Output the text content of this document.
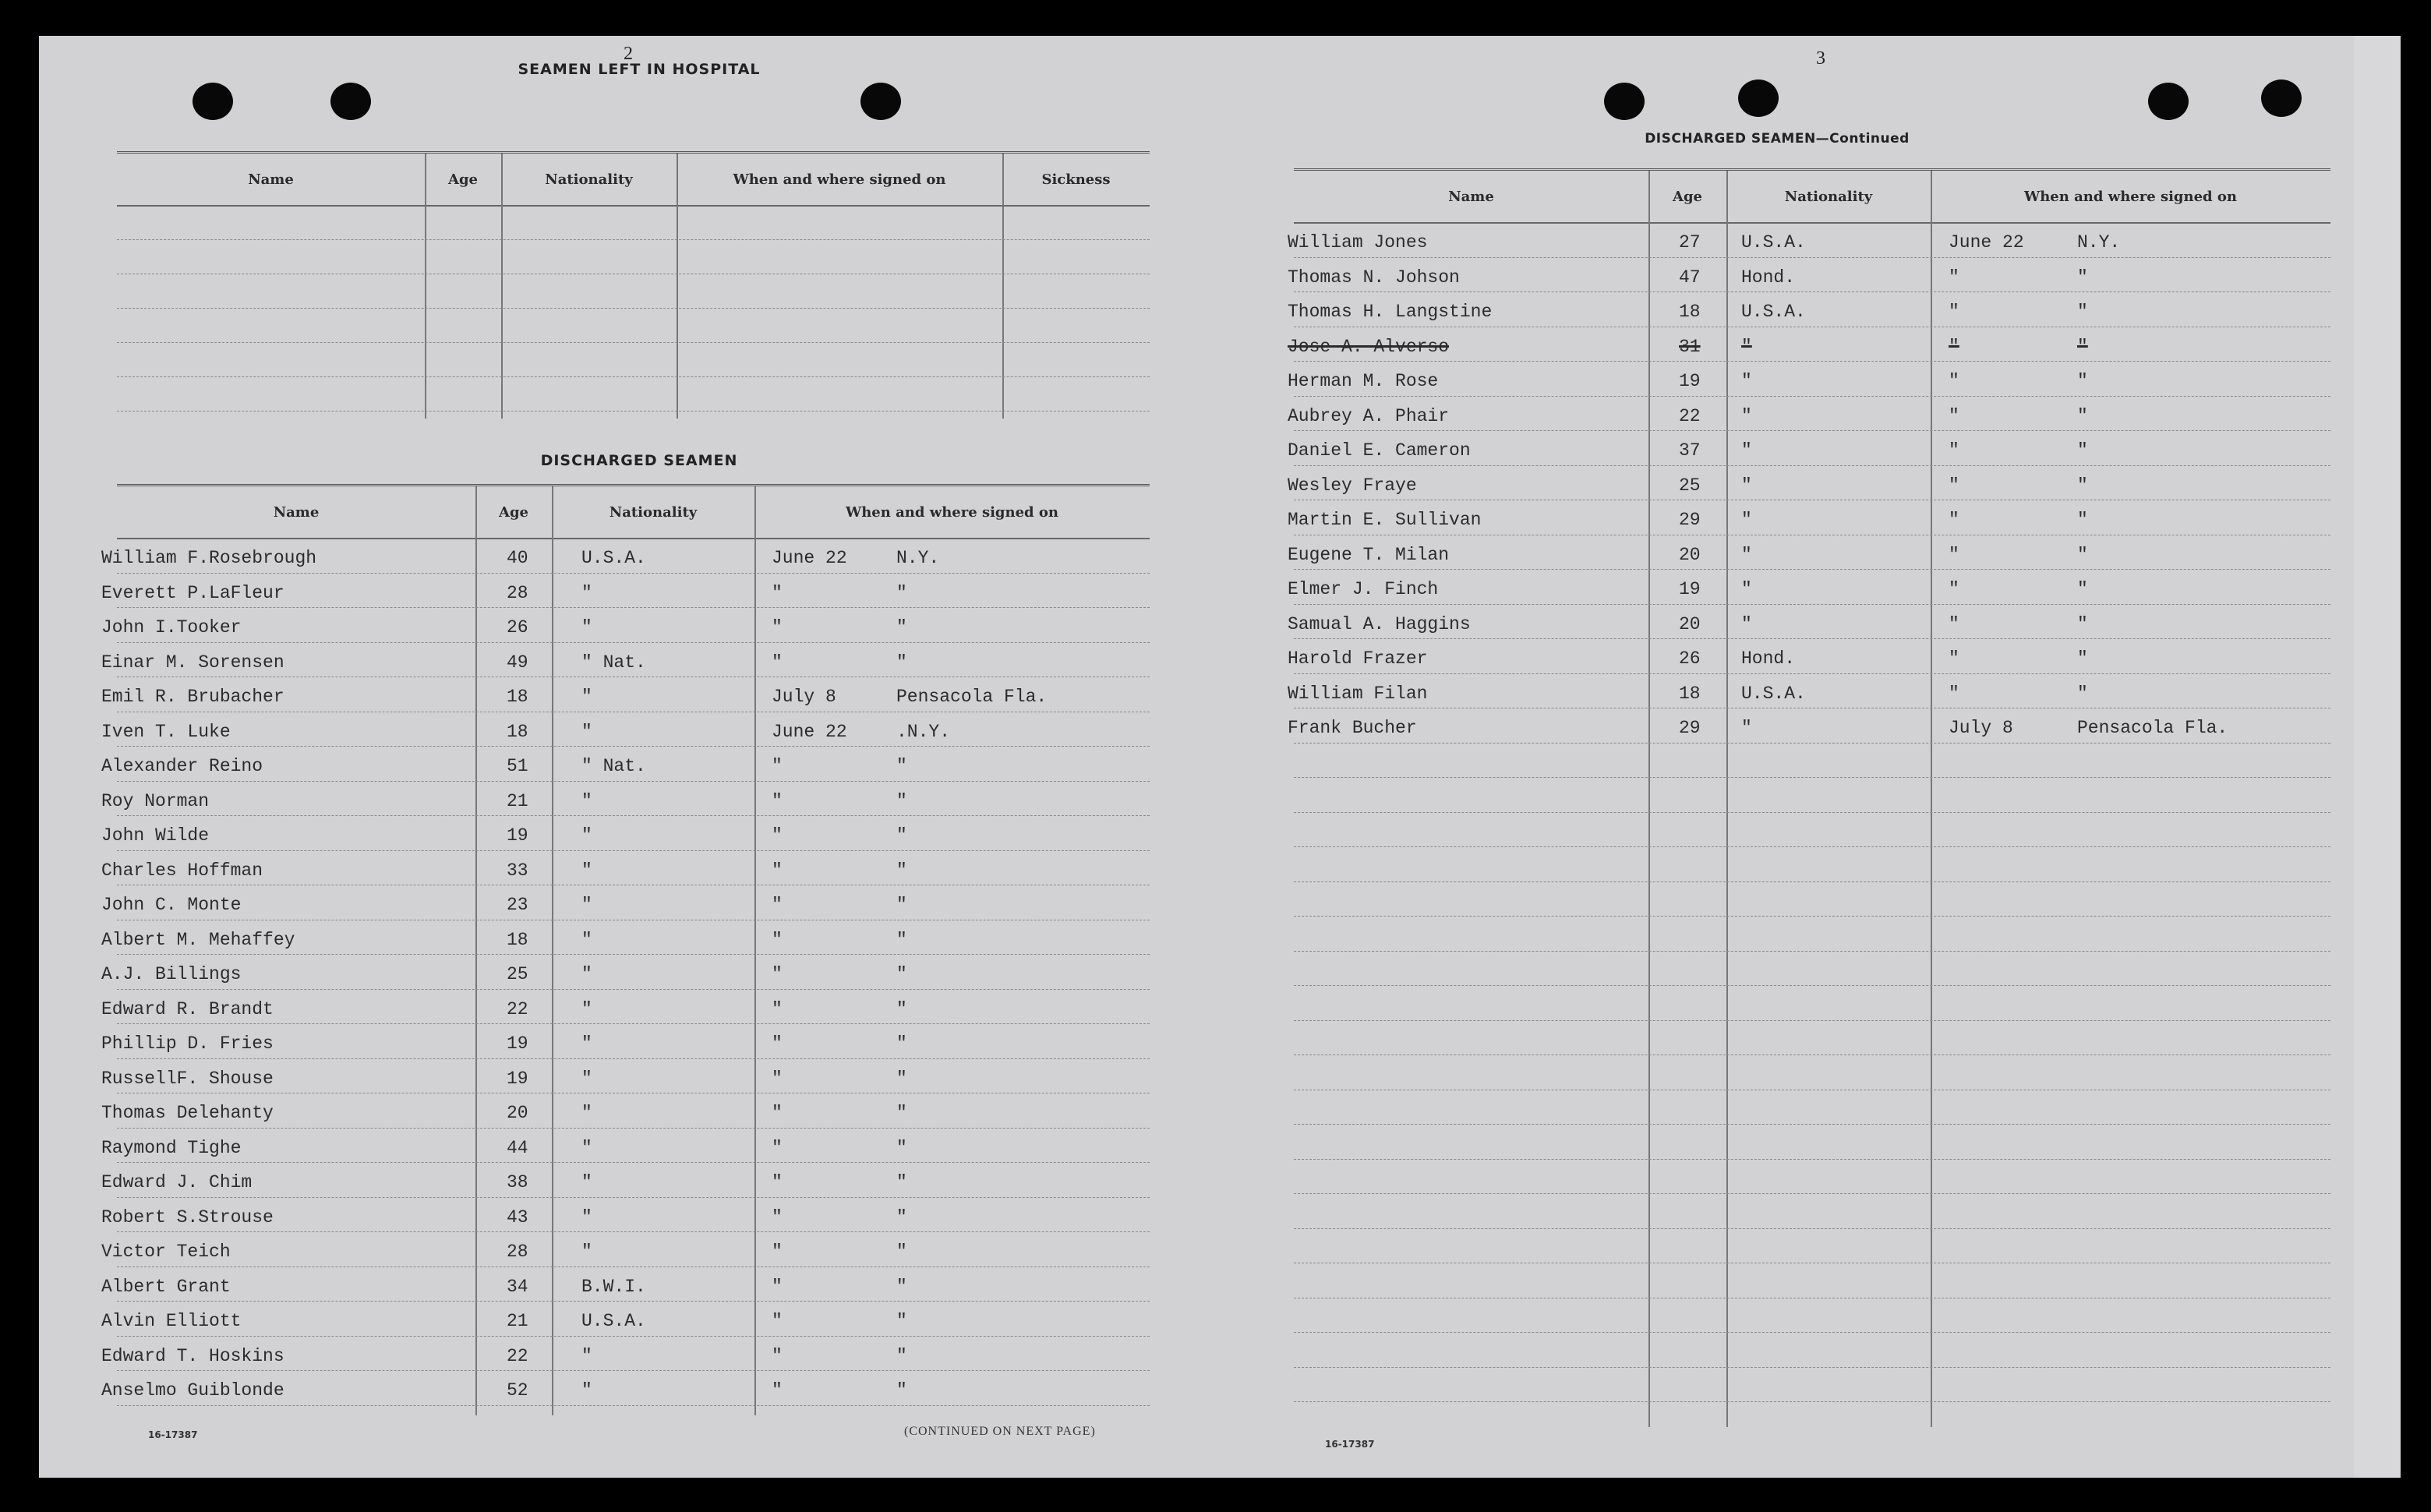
2
SEAMEN LEFT IN HOSPITAL
Name	Age	Nationality	When and where signed on	Sickness
DISCHARGED SEAMEN
Name	Age	Nationality	When and where signed on
William F.Rosebrough	40	U.S.A.	June 22	N.Y.
Everett P.LaFleur	28	"	"	"
John I.Tooker	26	"	"	"
Einar M. Sorensen	49	" Nat.	"	"
Emil R. Brubacher	18	"	July 8	Pensacola Fla.
Iven T. Luke	18	"	June 22	.N.Y.
Alexander Reino	51	" Nat.	"	"
Roy Norman	21	"	"	"
John Wilde	19	"	"	"
Charles Hoffman	33	"	"	"
John C. Monte	23	"	"	"
Albert M. Mehaffey	18	"	"	"
A.J. Billings	25	"	"	"
Edward R. Brandt	22	"	"	"
Phillip D. Fries	19	"	"	"
RussellF. Shouse	19	"	"	"
Thomas Delehanty	20	"	"	"
Raymond Tighe	44	"	"	"
Edward J. Chim	38	"	"	"
Robert S.Strouse	43	"	"	"
Victor Teich	28	"	"	"
Albert Grant	34	B.W.I.	"	"
Alvin Elliott	21	U.S.A.	"	"
Edward T. Hoskins	22	"	"	"
Anselmo Guiblonde	52	"	"	"
16-17387	(CONTINUED ON NEXT PAGE)
3
DISCHARGED SEAMEN—Continued
Name	Age	Nationality	When and where signed on
William Jones	27 U.S.A.	June 22	N.Y.
Thomas N. Johson	47 Hond.	"	"
Thomas H. Langstine	18 U.S.A.	"	"
Jose A. Alverso	31 "	"	"
Herman M. Rose	19 "	"	"
Aubrey A. Phair	22 "	"	"
Daniel E. Cameron	37 "	"	"
Wesley Fraye	25 "	"	"
Martin E. Sullivan	29 "	"	"
Eugene T. Milan	20 "	"	"
Elmer J. Finch	19 "	"	"
Samual A. Haggins	20 "	"	"
Harold Frazer	26 Hond.	"	"
William Filan	18 U.S.A.	"	"
Frank Bucher	29 "	July 8	Pensacola Fla.
16-17387
